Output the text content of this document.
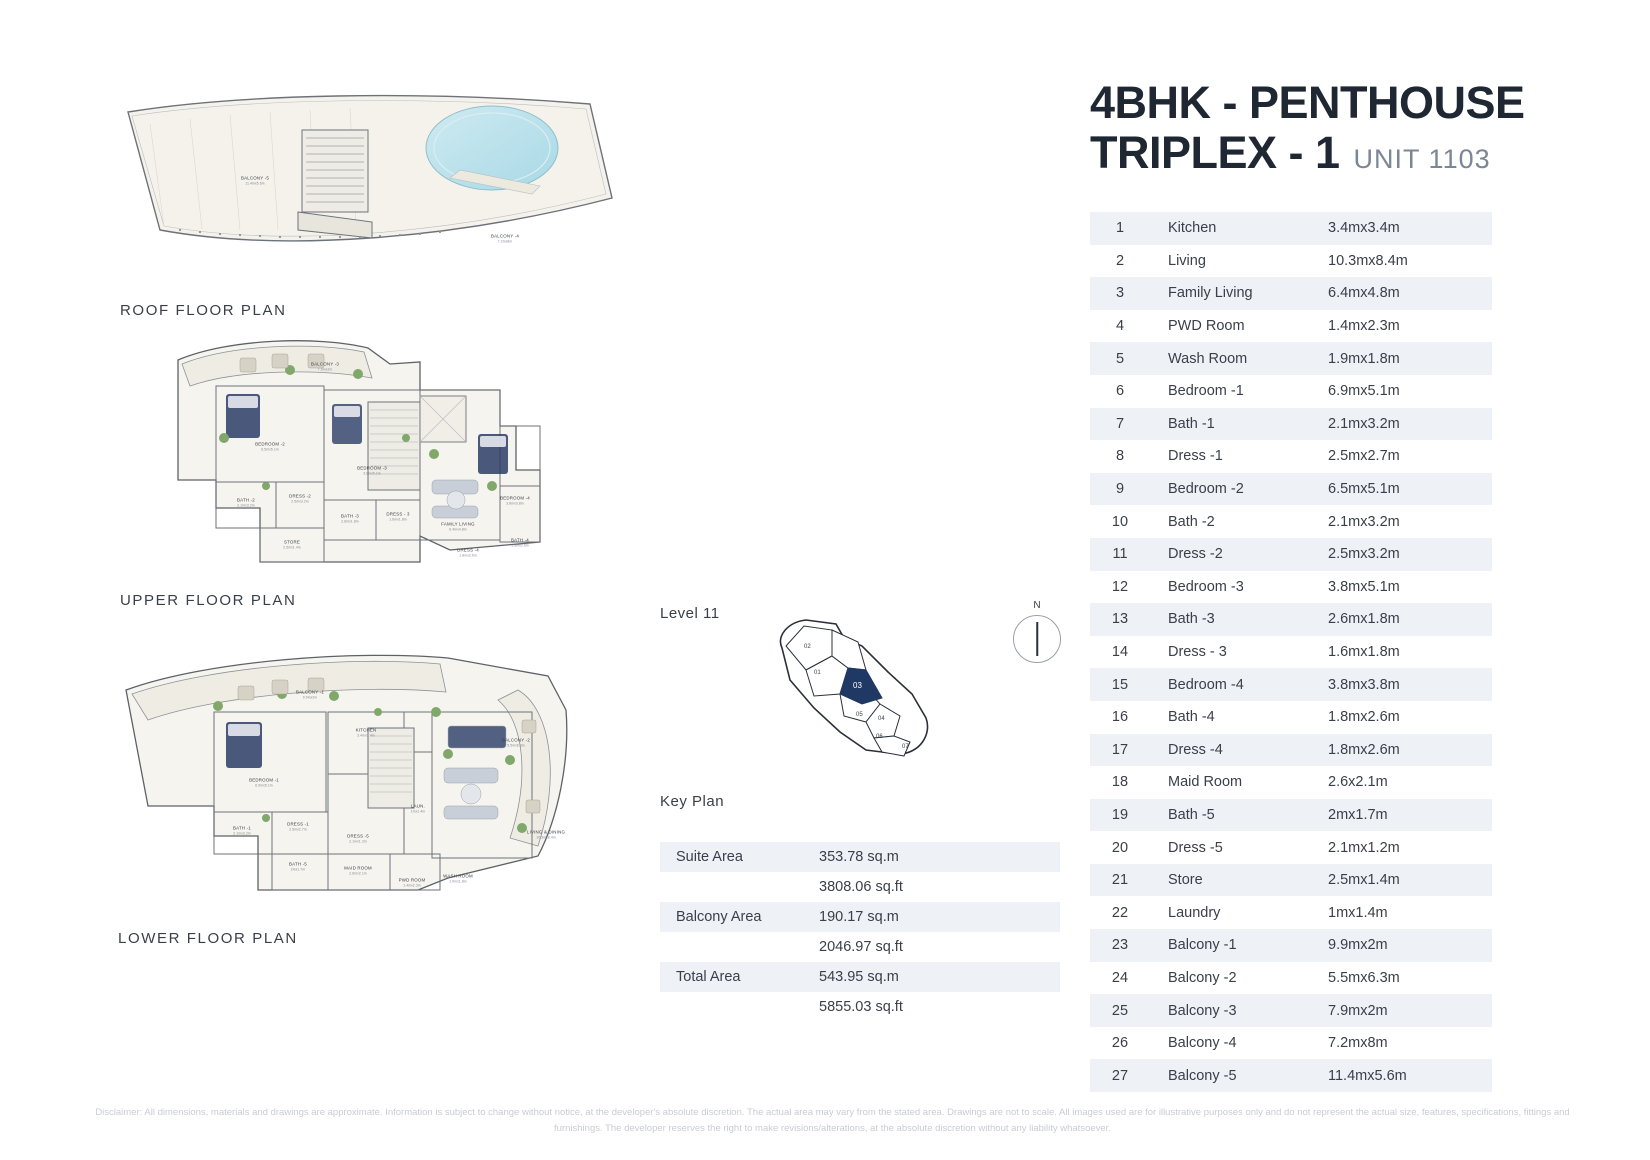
BALCONY -5
11.4mx5.6m
BALCONY -4
7.2mx8m
ROOF FLOOR PLAN
BALCONY -3
7.9mx2m
BEDROOM -2
6.5mx5.1m
BATH -2
2.1mx3.2m
DRESS -2
2.5mx3.2m
BEDROOM -3
3.8mx5.1m
BATH -3
2.6mx1.8m
DRESS - 3
1.6mx1.8m
FAMILY LIVING
6.4mx4.8m
BEDROOM -4
3.8mx3.8m
BATH -4
1.8mx2.6m
DRESS -4
1.8mx2.6m
STORE
2.5mx1.4m
UPPER FLOOR PLAN
BALCONY -1
9.9mx2m
BALCONY -2
5.5mx6.3m
BEDROOM -1
6.9mx5.1m
KITCHEN
3.4mx3.4m
LAUN.
1mx1.4m
BATH -1
2.1mx3.2m
DRESS -1
2.5mx2.7m
DRESS -5
2.1mx1.2m
BATH -5
2mx1.7m	MAID ROOM
2.6mx2.1m
PWD ROOM
1.4mx2.3m
WASH ROOM
1.9mx1.8m
LIVING & DINING
10.3mx8.4m
LOWER FLOOR PLAN
Level 11
02
01
03
04
05
06
07
Key Plan
N
Suite Area	353.78 sq.m
3808.06 sq.ft
Balcony Area	190.17 sq.m
2046.97 sq.ft
Total Area	543.95 sq.m
5855.03 sq.ft
4BHK - PENTHOUSE
TRIPLEX - 1 UNIT 1103
1	Kitchen	3.4mx3.4m
2	Living	10.3mx8.4m
3	Family Living	6.4mx4.8m
4	PWD Room	1.4mx2.3m
5	Wash Room	1.9mx1.8m
6	Bedroom -1	6.9mx5.1m
7	Bath -1	2.1mx3.2m
8	Dress -1	2.5mx2.7m
9	Bedroom -2	6.5mx5.1m
10	Bath -2	2.1mx3.2m
11	Dress -2	2.5mx3.2m
12	Bedroom -3	3.8mx5.1m
13	Bath -3	2.6mx1.8m
14	Dress - 3	1.6mx1.8m
15	Bedroom -4	3.8mx3.8m
16	Bath -4	1.8mx2.6m
17	Dress -4	1.8mx2.6m
18	Maid Room	2.6x2.1m
19	Bath -5	2mx1.7m
20	Dress -5	2.1mx1.2m
21	Store	2.5mx1.4m
22	Laundry	1mx1.4m
23	Balcony -1	9.9mx2m
24	Balcony -2	5.5mx6.3m
25	Balcony -3	7.9mx2m
26	Balcony -4	7.2mx8m
27	Balcony -5	11.4mx5.6m
Disclaimer: All dimensions, materials and drawings are approximate. Information is subject to change without notice, at the developer's absolute discretion. The actual area may vary from the stated area. Drawings are not to scale. All images used are for illustrative purposes only and do not represent the actual size, features, specifications, fittings and furnishings. The developer reserves the right to make revisions/alterations, at the absolute discretion without any liability whatsoever.
